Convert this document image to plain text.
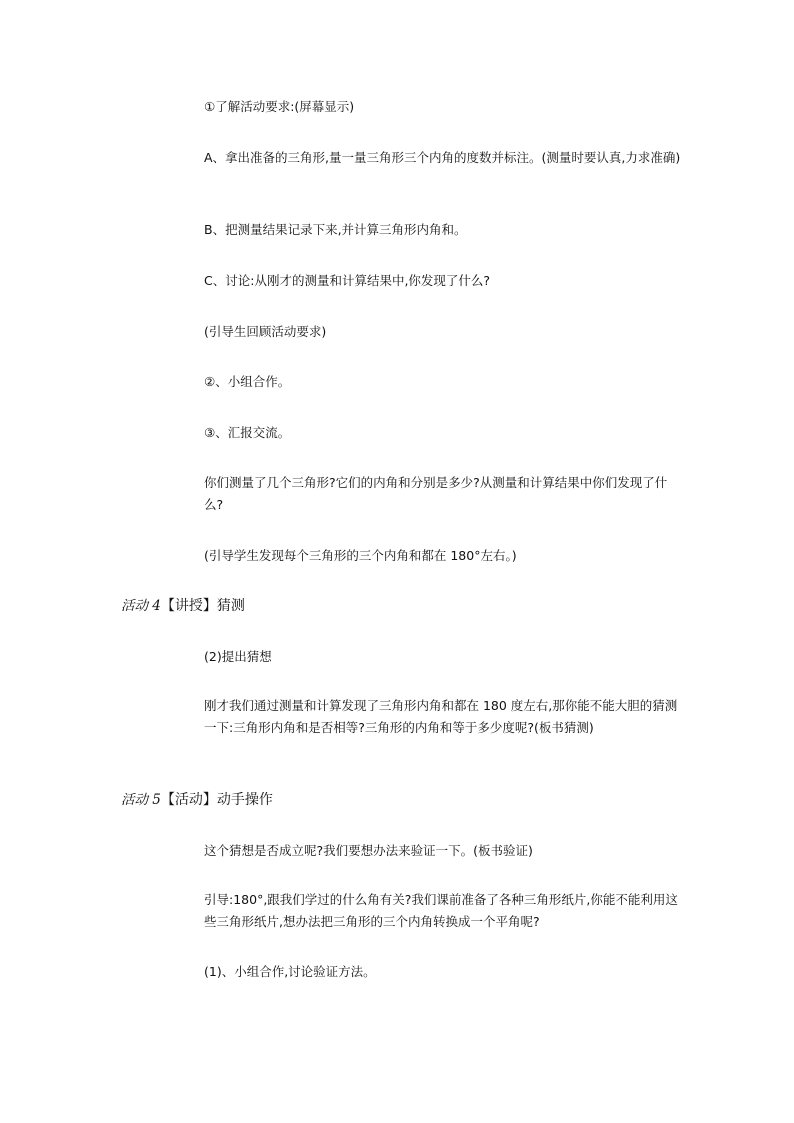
①了解活动要求:(屏幕显示)

A、拿出准备的三角形,量一量三角形三个内角的度数并标注。(测量时要认真,力求准确)

B、把测量结果记录下来,并计算三角形内角和。

C、讨论:从刚才的测量和计算结果中,你发现了什么?

(引导生回顾活动要求)

②、小组合作。

③、汇报交流。

你们测量了几个三角形?它们的内角和分别是多少?从测量和计算结果中你们发现了什么?

(引导学生发现每个三角形的三个内角和都在 180°左右。)

活动 4【讲授】猜测

(2)提出猜想

刚才我们通过测量和计算发现了三角形内角和都在 180 度左右,那你能不能大胆的猜测一下:三角形内角和是否相等?三角形的内角和等于多少度呢?(板书猜测)

活动 5【活动】动手操作

这个猜想是否成立呢?我们要想办法来验证一下。(板书验证)

引导:180°,跟我们学过的什么角有关?我们课前准备了各种三角形纸片,你能不能利用这些三角形纸片,想办法把三角形的三个内角转换成一个平角呢?

(1)、小组合作,讨论验证方法。
